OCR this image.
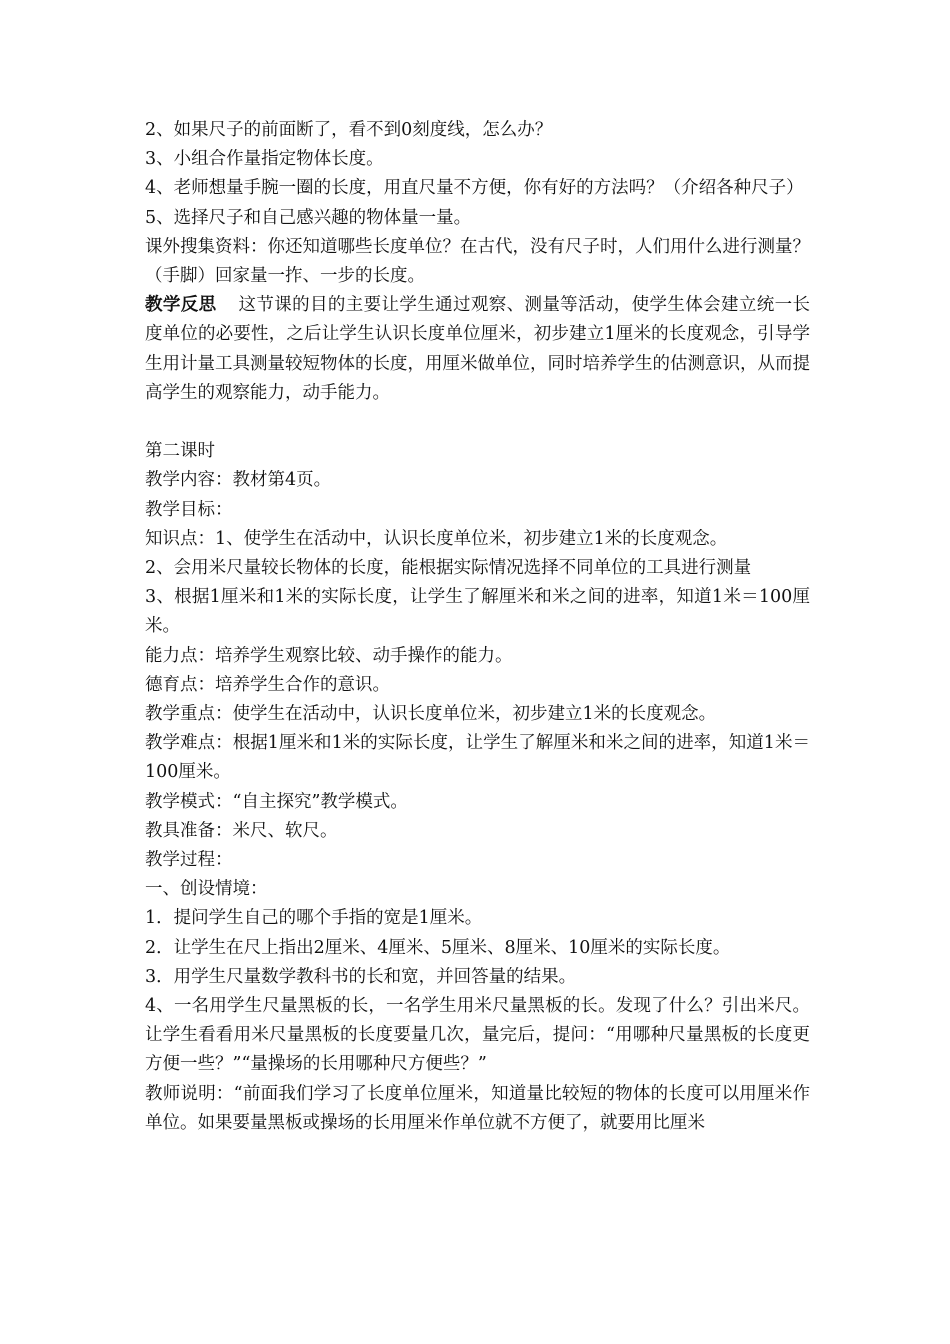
2、如果尺子的前面断了，看不到0刻度线，怎么办？

3、小组合作量指定物体长度。

4、老师想量手腕一圈的长度，用直尺量不方便，你有好的方法吗？（介绍各种尺子）

5、选择尺子和自己感兴趣的物体量一量。

课外搜集资料：你还知道哪些长度单位？在古代，没有尺子时，人们用什么进行测量？（手脚）回家量一拃、一步的长度。

教学反思 这节课的目的主要让学生通过观察、测量等活动，使学生体会建立统一长度单位的必要性，之后让学生认识长度单位厘米，初步建立1厘米的长度观念，引导学生用计量工具测量较短物体的长度，用厘米做单位，同时培养学生的估测意识，从而提高学生的观察能力，动手能力。

第二课时

教学内容：教材第4页。

教学目标：

知识点：1、使学生在活动中，认识长度单位米，初步建立1米的长度观念。

2、会用米尺量较长物体的长度，能根据实际情况选择不同单位的工具进行测量

3、根据1厘米和1米的实际长度，让学生了解厘米和米之间的进率，知道1米＝100厘米。

能力点：培养学生观察比较、动手操作的能力。

德育点：培养学生合作的意识。

教学重点：使学生在活动中，认识长度单位米，初步建立1米的长度观念。

教学难点：根据1厘米和1米的实际长度，让学生了解厘米和米之间的进率，知道1米＝100厘米。

教学模式：“自主探究”教学模式。

教具准备：米尺、软尺。

教学过程：

一、创设情境：

1．提问学生自己的哪个手指的宽是1厘米。

2．让学生在尺上指出2厘米、4厘米、5厘米、8厘米、10厘米的实际长度。

3．用学生尺量数学教科书的长和宽，并回答量的结果。

4、一名用学生尺量黑板的长，一名学生用米尺量黑板的长。发现了什么？引出米尺。让学生看看用米尺量黑板的长度要量几次，量完后，提问：“用哪种尺量黑板的长度更方便一些？”“量操场的长用哪种尺方便些？”

教师说明：“前面我们学习了长度单位厘米，知道量比较短的物体的长度可以用厘米作单位。如果要量黑板或操场的长用厘米作单位就不方便了，就要用比厘米
